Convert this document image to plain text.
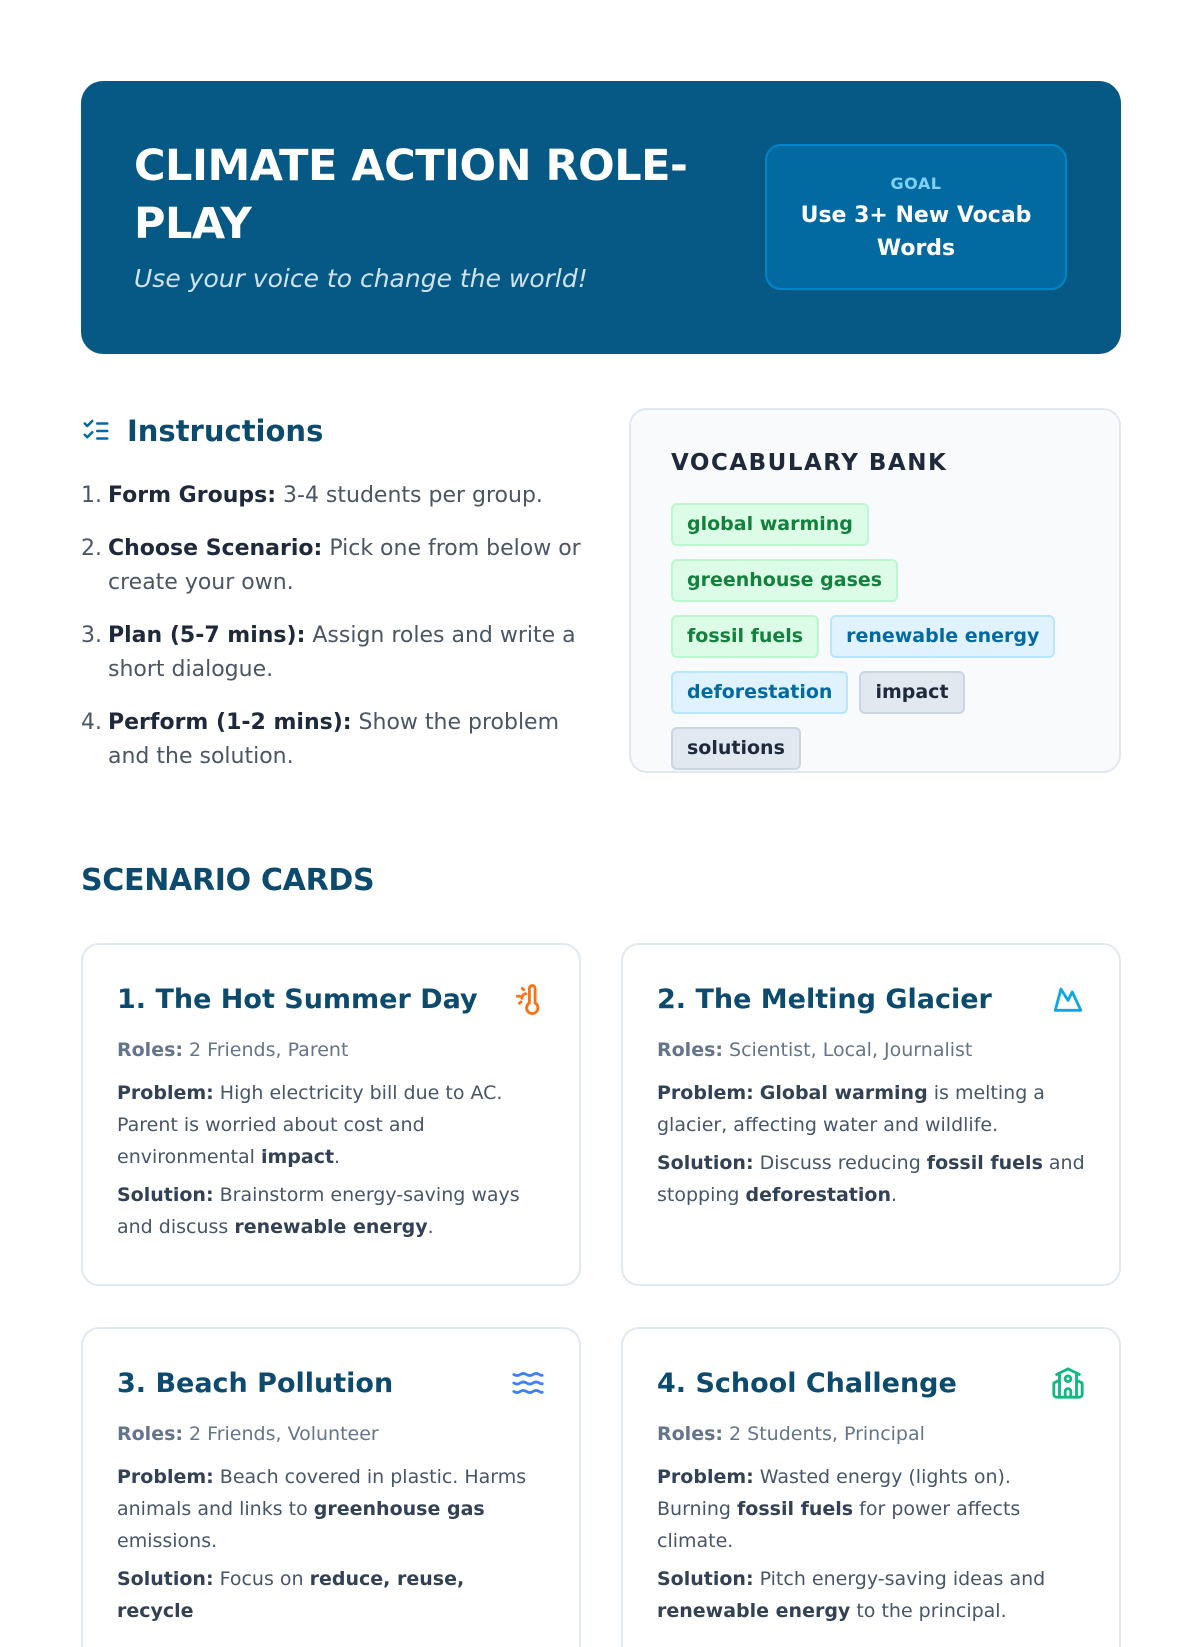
CLIMATE ACTION ROLE-PLAY

Use your voice to change the world!

GOAL
Use 3+ New Vocab Words
Instructions
1. Form Groups: 3-4 students per group.
2. Choose Scenario: Pick one from below or create your own.
3. Plan (5-7 mins): Assign roles and write a short dialogue.
4. Perform (1-2 mins): Show the problem and the solution.
VOCABULARY BANK
global warminggreenhouse gases
fossil fuels renewable energy
deforestation impactsolutions
SCENARIO CARDS
1. The Hot Summer Day

Roles: 2 Friends, Parent

Problem: High electricity bill due to AC. Parent is worried about cost and environmental impact.

Solution: Brainstorm energy-saving ways and discuss renewable energy.

2. The Melting Glacier

Roles: Scientist, Local, Journalist

Problem: Global warming is melting a glacier, affecting water and wildlife.

Solution: Discuss reducing fossil fuels and stopping deforestation.

3. Beach Pollution

Roles: 2 Friends, Volunteer

Problem: Beach covered in plastic. Harms animals and links to greenhouse gas emissions.

Solution: Focus on reduce, reuse, recycle

4. School Challenge

Roles: 2 Students, Principal

Problem: Wasted energy (lights on). Burning fossil fuels for power affects climate.

Solution: Pitch energy-saving ideas and renewable energy to the principal.
